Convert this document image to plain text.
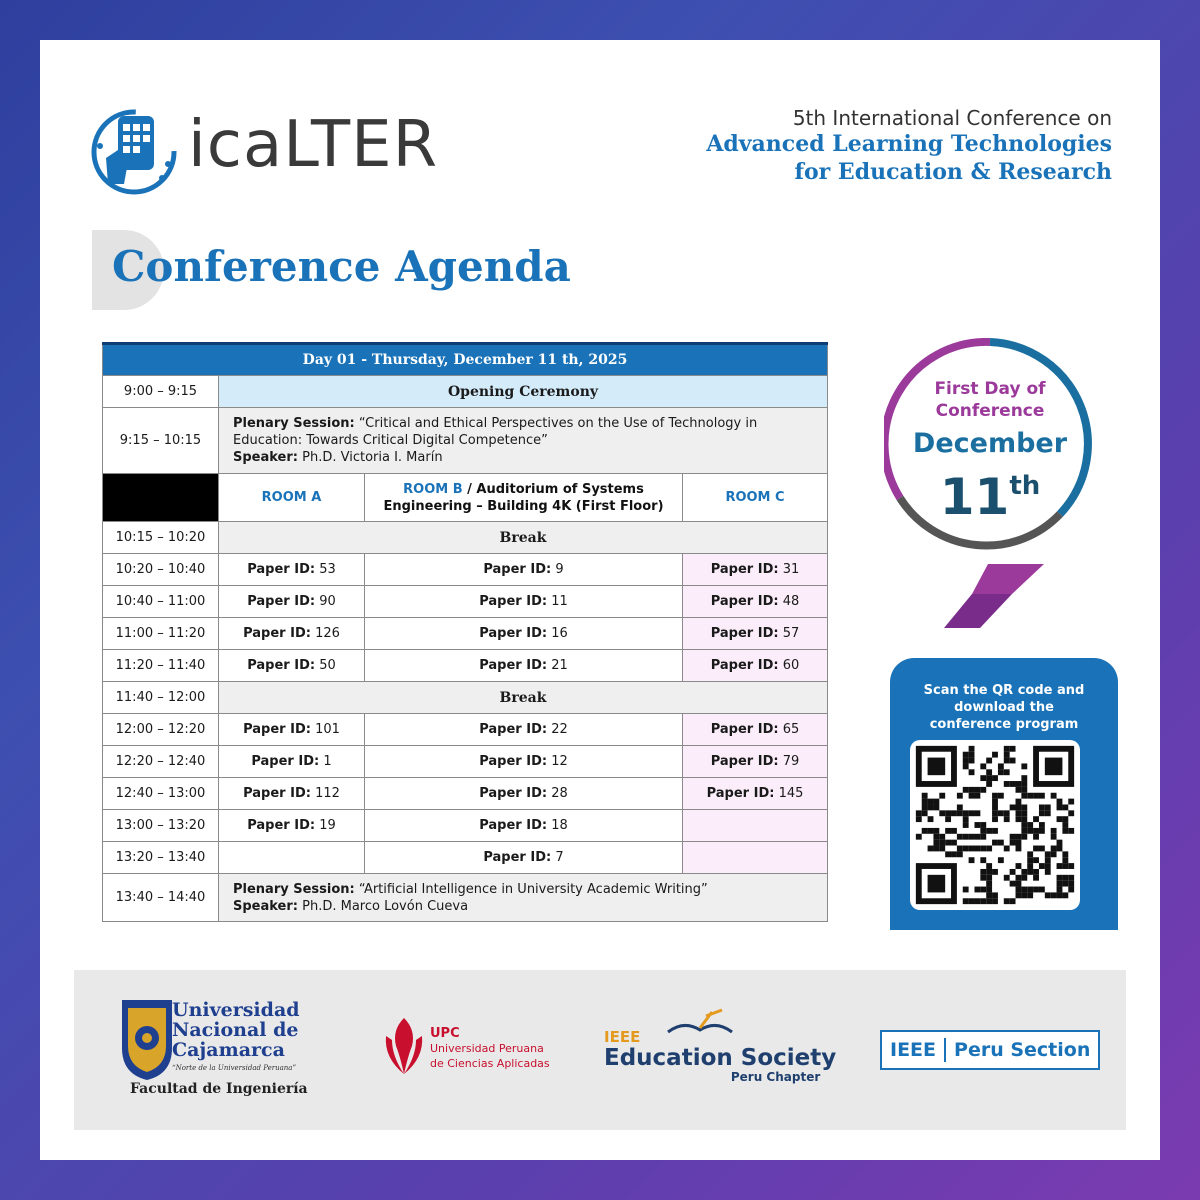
icaLTER	5th International Conference on
Advanced Learning Technologies
for Education & Research
Conference Agenda
Day 01 - Thursday, December 11 th, 2025			
9:00 – 9:15	Opening Ceremony		
9:15 – 10:15	Plenary Session: “Critical and Ethical Perspectives on the Use of Technology in Education: Towards Critical Digital Competence”
Speaker: Ph.D. Victoria I. Marín		
	ROOM A	ROOM B / Auditorium of Systems Engineering – Building 4K (First Floor)	ROOM C
10:15 – 10:20	Break		
10:20 – 10:40	Paper ID: 53	Paper ID: 9	Paper ID: 31
10:40 – 11:00	Paper ID: 90	Paper ID: 11	Paper ID: 48
11:00 – 11:20	Paper ID: 126	Paper ID: 16	Paper ID: 57
11:20 – 11:40	Paper ID: 50	Paper ID: 21	Paper ID: 60
11:40 – 12:00	Break		
12:00 – 12:20	Paper ID: 101	Paper ID: 22	Paper ID: 65
12:20 – 12:40	Paper ID: 1	Paper ID: 12	Paper ID: 79
12:40 – 13:00	Paper ID: 112	Paper ID: 28	Paper ID: 145
13:00 – 13:20	Paper ID: 19	Paper ID: 18	
13:20 – 13:40		Paper ID: 7	
13:40 – 14:40	Plenary Session: “Artificial Intelligence in University Academic Writing”
Speaker: Ph.D. Marco Lovón Cueva		
First Day of
Conference
December
11th
Scan the QR code and
download the
conference program
Universidad
Nacional de
Cajamarca
“Norte de la Universidad Peruana”
Facultad de Ingeniería
UPC
Universidad Peruana
de Ciencias Aplicadas
IEEE
Education Society
Peru Chapter
IEEE Peru Section
